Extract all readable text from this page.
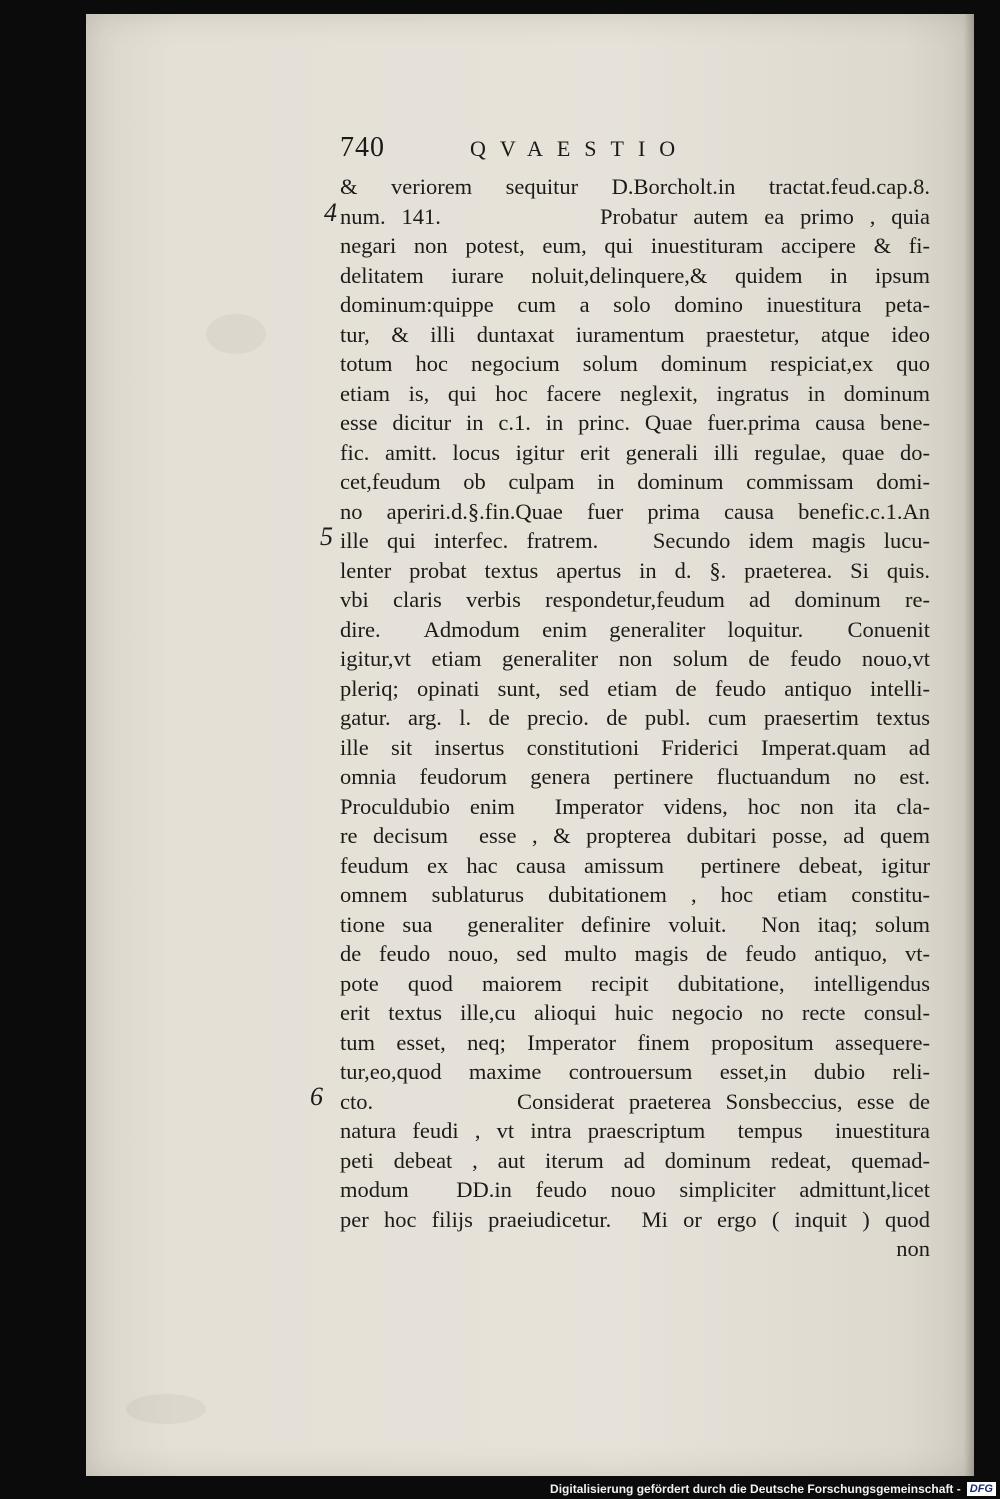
740	QVAESTIO
4
5
6
& veriorem sequitur D.Borcholt.in tractat.feud.cap.8.
num. 141.          Probatur autem ea primo , quia
negari non potest, eum, qui inuestituram accipere & fi-
delitatem iurare noluit,delinquere,& quidem in ipsum
dominum:quippe cum a solo domino inuestitura peta-
tur, & illi duntaxat iuramentum praestetur, atque ideo
totum hoc negocium solum dominum respiciat,ex quo
etiam is, qui hoc facere neglexit, ingratus in dominum
esse dicitur in c.1. in princ. Quae fuer.prima causa bene-
fic. amitt. locus igitur erit generali illi regulae, quae do-
cet,feudum ob culpam in dominum commissam domi-
no aperiri.d.§.fin.Quae fuer prima causa benefic.c.1.An
ille qui interfec. fratrem.   Secundo idem magis lucu-
lenter probat textus apertus in d. §. praeterea. Si quis.
vbi claris verbis respondetur,feudum ad dominum re-
dire.  Admodum enim generaliter loquitur.  Conuenit
igitur,vt etiam generaliter non solum de feudo nouo,vt
pleriq; opinati sunt, sed etiam de feudo antiquo intelli-
gatur. arg. l. de precio. de publ. cum praesertim textus
ille sit insertus constitutioni Friderici Imperat.quam ad
omnia feudorum genera pertinere fluctuandum no est.
Proculdubio enim  Imperator videns, hoc non ita cla-
re decisum  esse , & propterea dubitari posse, ad quem
feudum ex hac causa amissum  pertinere debeat, igitur
omnem sublaturus dubitationem , hoc etiam constitu-
tione sua  generaliter definire voluit.  Non itaq; solum
de feudo nouo, sed multo magis de feudo antiquo, vt-
pote quod maiorem recipit dubitatione, intelligendus
erit textus ille,cu alioqui huic negocio no recte consul-
tum esset, neq; Imperator finem propositum assequere-
tur,eo,quod maxime controuersum esset,in dubio reli-
cto.          Considerat praeterea Sonsbeccius, esse de
natura feudi , vt intra praescriptum  tempus  inuestitura
peti debeat , aut iterum ad dominum redeat, quemad-
modum  DD.in feudo nouo simpliciter admittunt,licet
per hoc filijs praeiudicetur.  Mi or ergo ( inquit ) quod
non
Digitalisierung gefördert durch die Deutsche Forschungsgemeinschaft - DFG
